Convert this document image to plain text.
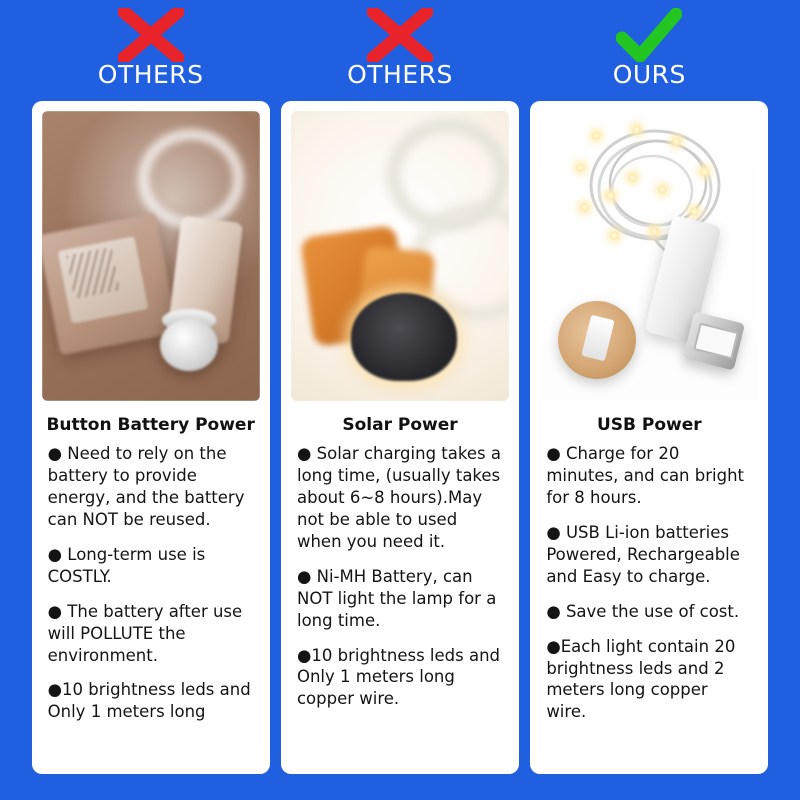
OTHERS
Button Battery Power
● Need to rely on the battery to provide energy, and the battery can NOT be reused.
● Long-term use is COSTLY.
● The battery after use will POLLUTE the environment.
●10 brightness leds and Only 1 meters long
OTHERS
Solar Power
● Solar charging takes a long time, (usually takes about 6~8 hours).May not be able to used when you need it.
● Ni-MH Battery, can NOT light the lamp for a long time.
●10 brightness leds and Only 1 meters long copper wire.
OURS
USB Power
● Charge for 20 minutes, and can bright for 8 hours.
● USB Li-ion batteries Powered, Rechargeable and Easy to charge.
● Save the use of cost.
●Each light contain 20 brightness leds and 2 meters long copper wire.
